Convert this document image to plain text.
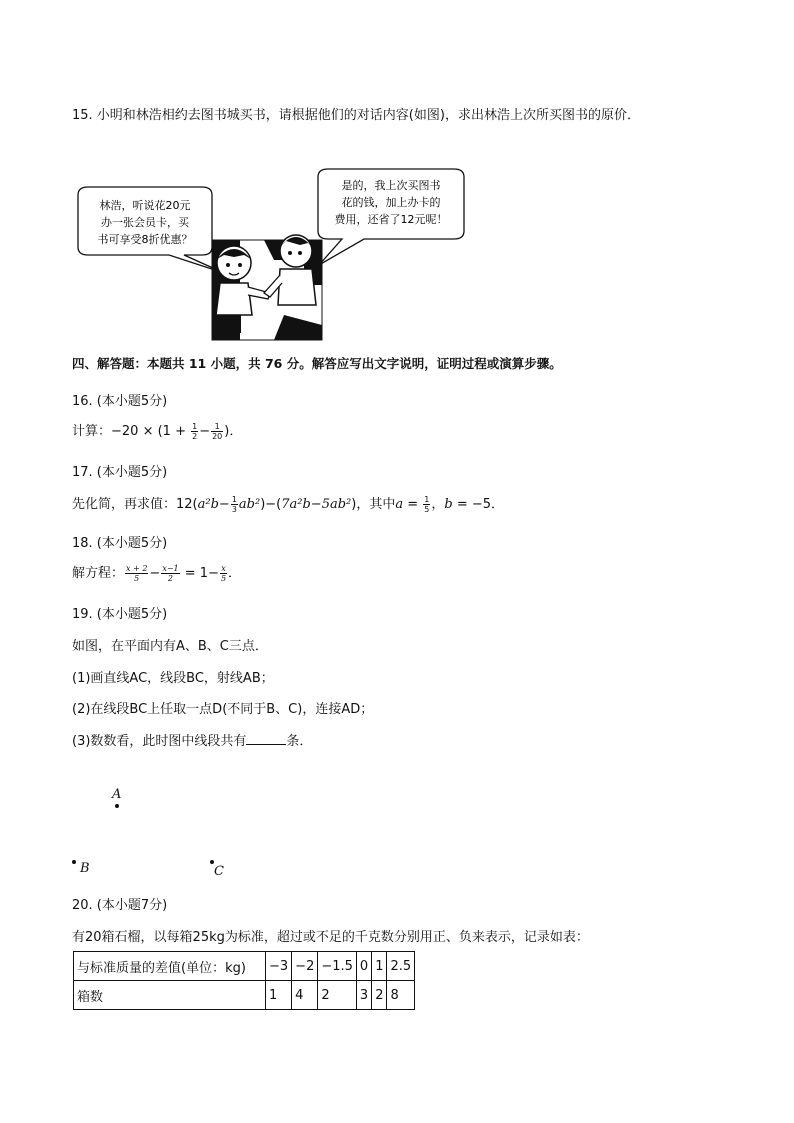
15. 小明和林浩相约去图书城买书，请根据他们的对话内容(如图)，求出林浩上次所买图书的原价．
林浩，听说花20元
办一张会员卡，买
书可享受8折优惠？
是的，我上次买图书
花的钱，加上办卡的
费用，还省了12元呢！
四、解答题：本题共 11 小题，共 76 分。解答应写出文字说明，证明过程或演算步骤。
16. (本小题5分)
计算：$-20 \times (1 + \frac{1}{2} - \frac{1}{20}$ )．
17. (本小题5分)
先化简，再求值：$12(a^2b- \frac{1}{3} ab^2)-(7a^2b-5ab^2)$，其中$a = \frac{1}{5}$ ，b = −5．
18. (本小题5分)
解方程： $\frac{x + 2}{5} - \frac{x-1}{2} = 1- \frac{x}{5}$ ．
19. (本小题5分)
如图，在平面内有A、B、C三点．
(1)画直线AC，线段BC，射线AB；
(2)在线段BC上任取一点D(不同于B、C)，连接AD；
(3)数数看，此时图中线段共有	条．
A
B	C
20. (本小题7分)
有20箱石榴，以每箱25kg为标准，超过或不足的千克数分别用正、负来表示，记录如表：
与标准质量的差值(单位：kg)	−3	−2	−1.5	0	1	2.5
箱数	1	4	2	3	2	8
